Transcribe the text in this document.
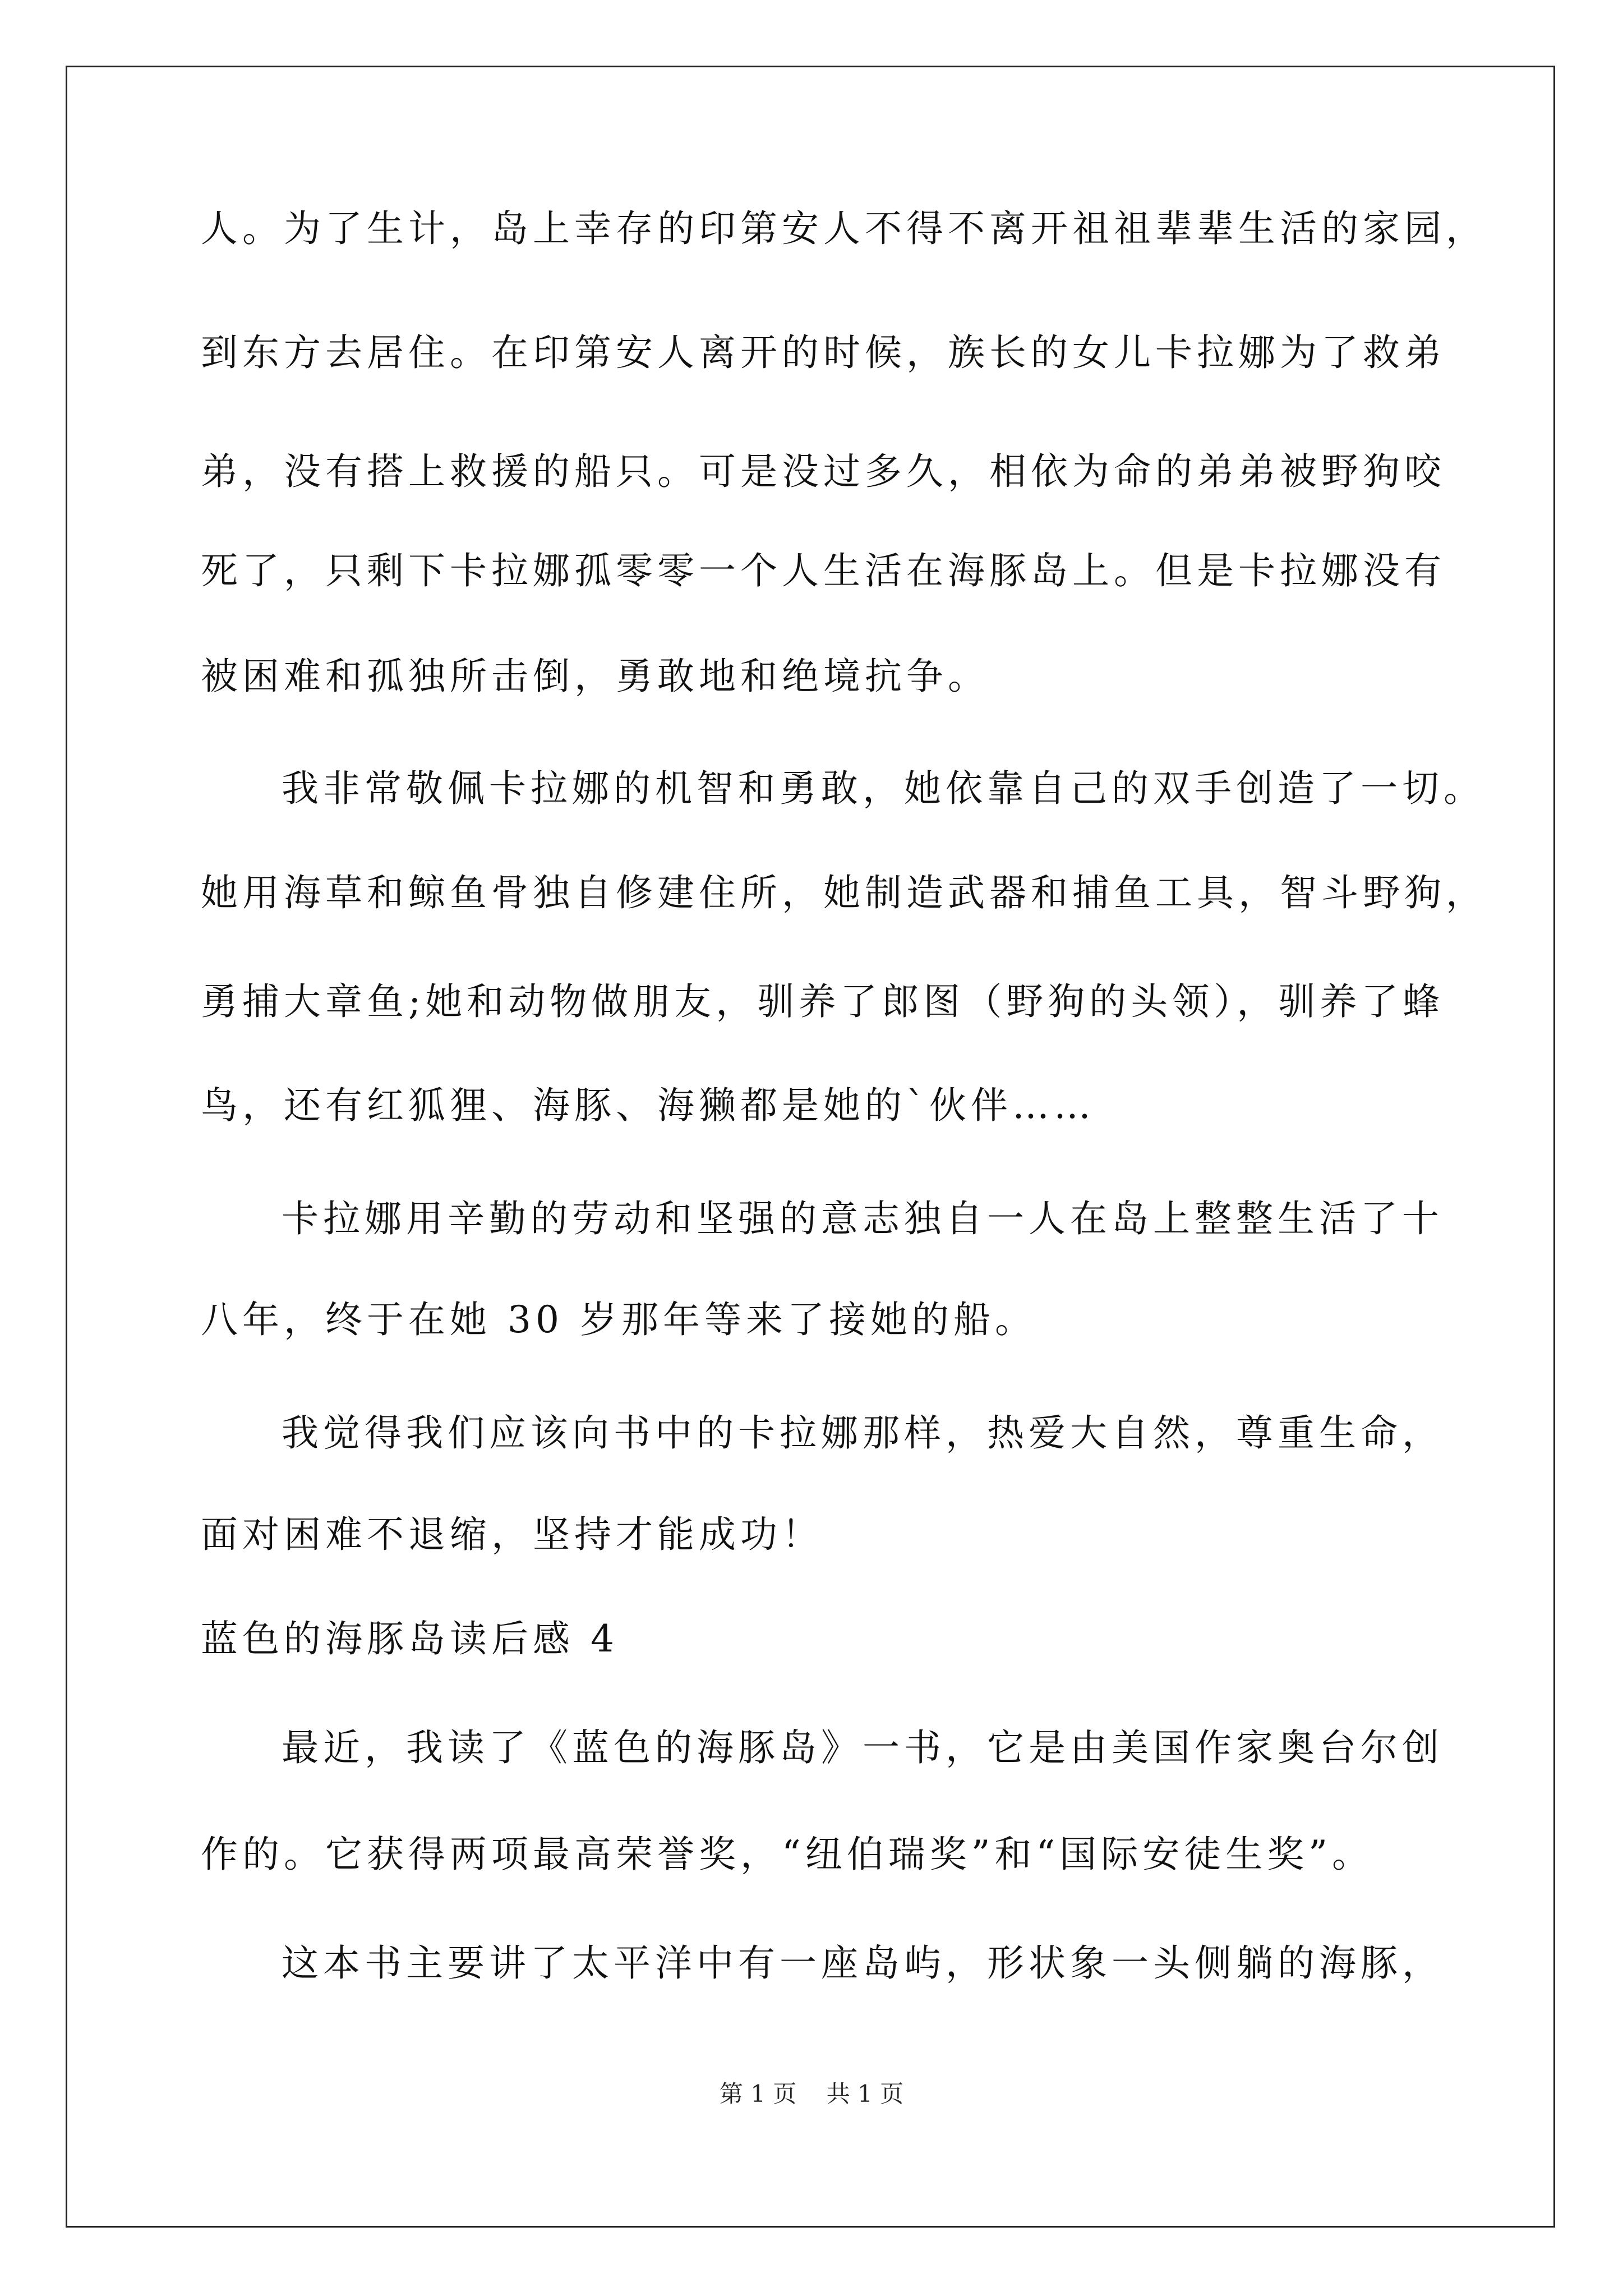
人。为了生计，岛上幸存的印第安人不得不离开祖祖辈辈生活的家园，
到东方去居住。在印第安人离开的时候，族长的女儿卡拉娜为了救弟
弟，没有搭上救援的船只。可是没过多久，相依为命的弟弟被野狗咬
死了，只剩下卡拉娜孤零零一个人生活在海豚岛上。但是卡拉娜没有
被困难和孤独所击倒，勇敢地和绝境抗争。
我非常敬佩卡拉娜的机智和勇敢，她依靠自己的双手创造了一切。
她用海草和鲸鱼骨独自修建住所，她制造武器和捕鱼工具，智斗野狗，
勇捕大章鱼;她和动物做朋友，驯养了郎图（野狗的头领），驯养了蜂
鸟，还有红狐狸、海豚、海獭都是她的`伙伴……
卡拉娜用辛勤的劳动和坚强的意志独自一人在岛上整整生活了十
八年，终于在她 30 岁那年等来了接她的船。
我觉得我们应该向书中的卡拉娜那样，热爱大自然，尊重生命，
面对困难不退缩，坚持才能成功！
蓝色的海豚岛读后感 4
最近，我读了《蓝色的海豚岛》一书，它是由美国作家奥台尔创
作的。它获得两项最高荣誉奖，“纽伯瑞奖”和“国际安徒生奖”。
这本书主要讲了太平洋中有一座岛屿，形状象一头侧躺的海豚，
第 1 页    共 1 页
